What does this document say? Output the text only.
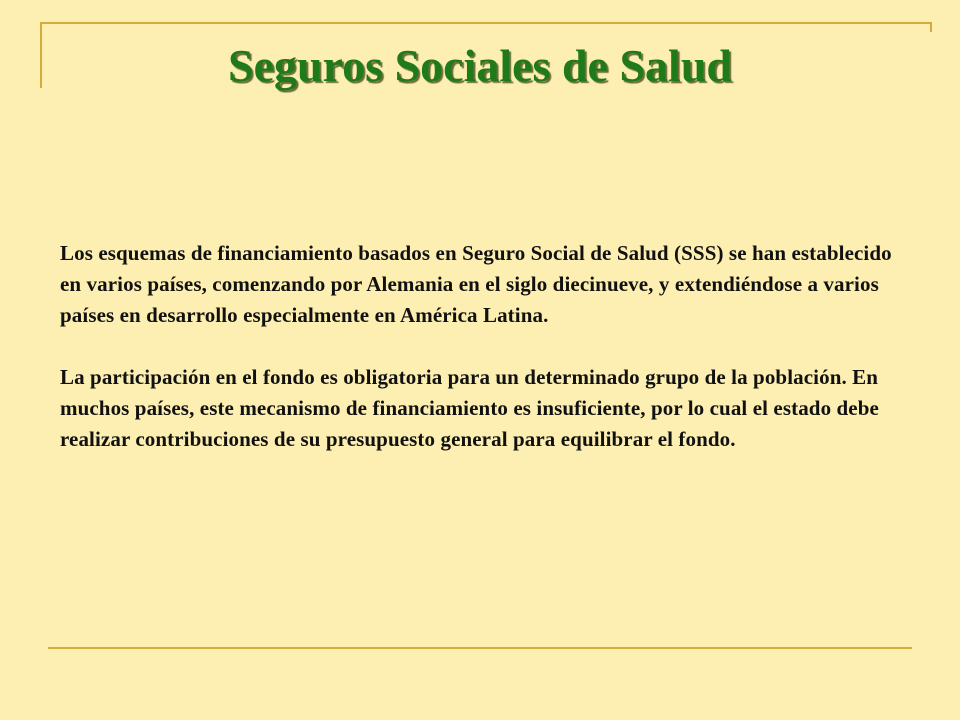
Seguros Sociales de Salud

Los esquemas de financiamiento basados en Seguro Social de Salud (SSS) se han establecido en varios países, comenzando por Alemania en el siglo diecinueve, y extendiéndose a varios países en desarrollo especialmente en América Latina.

La participación en el fondo es obligatoria para un determinado grupo de la población. En muchos países, este mecanismo de financiamiento es insuficiente, por lo cual el estado debe realizar contribuciones de su presupuesto general para equilibrar el fondo.
